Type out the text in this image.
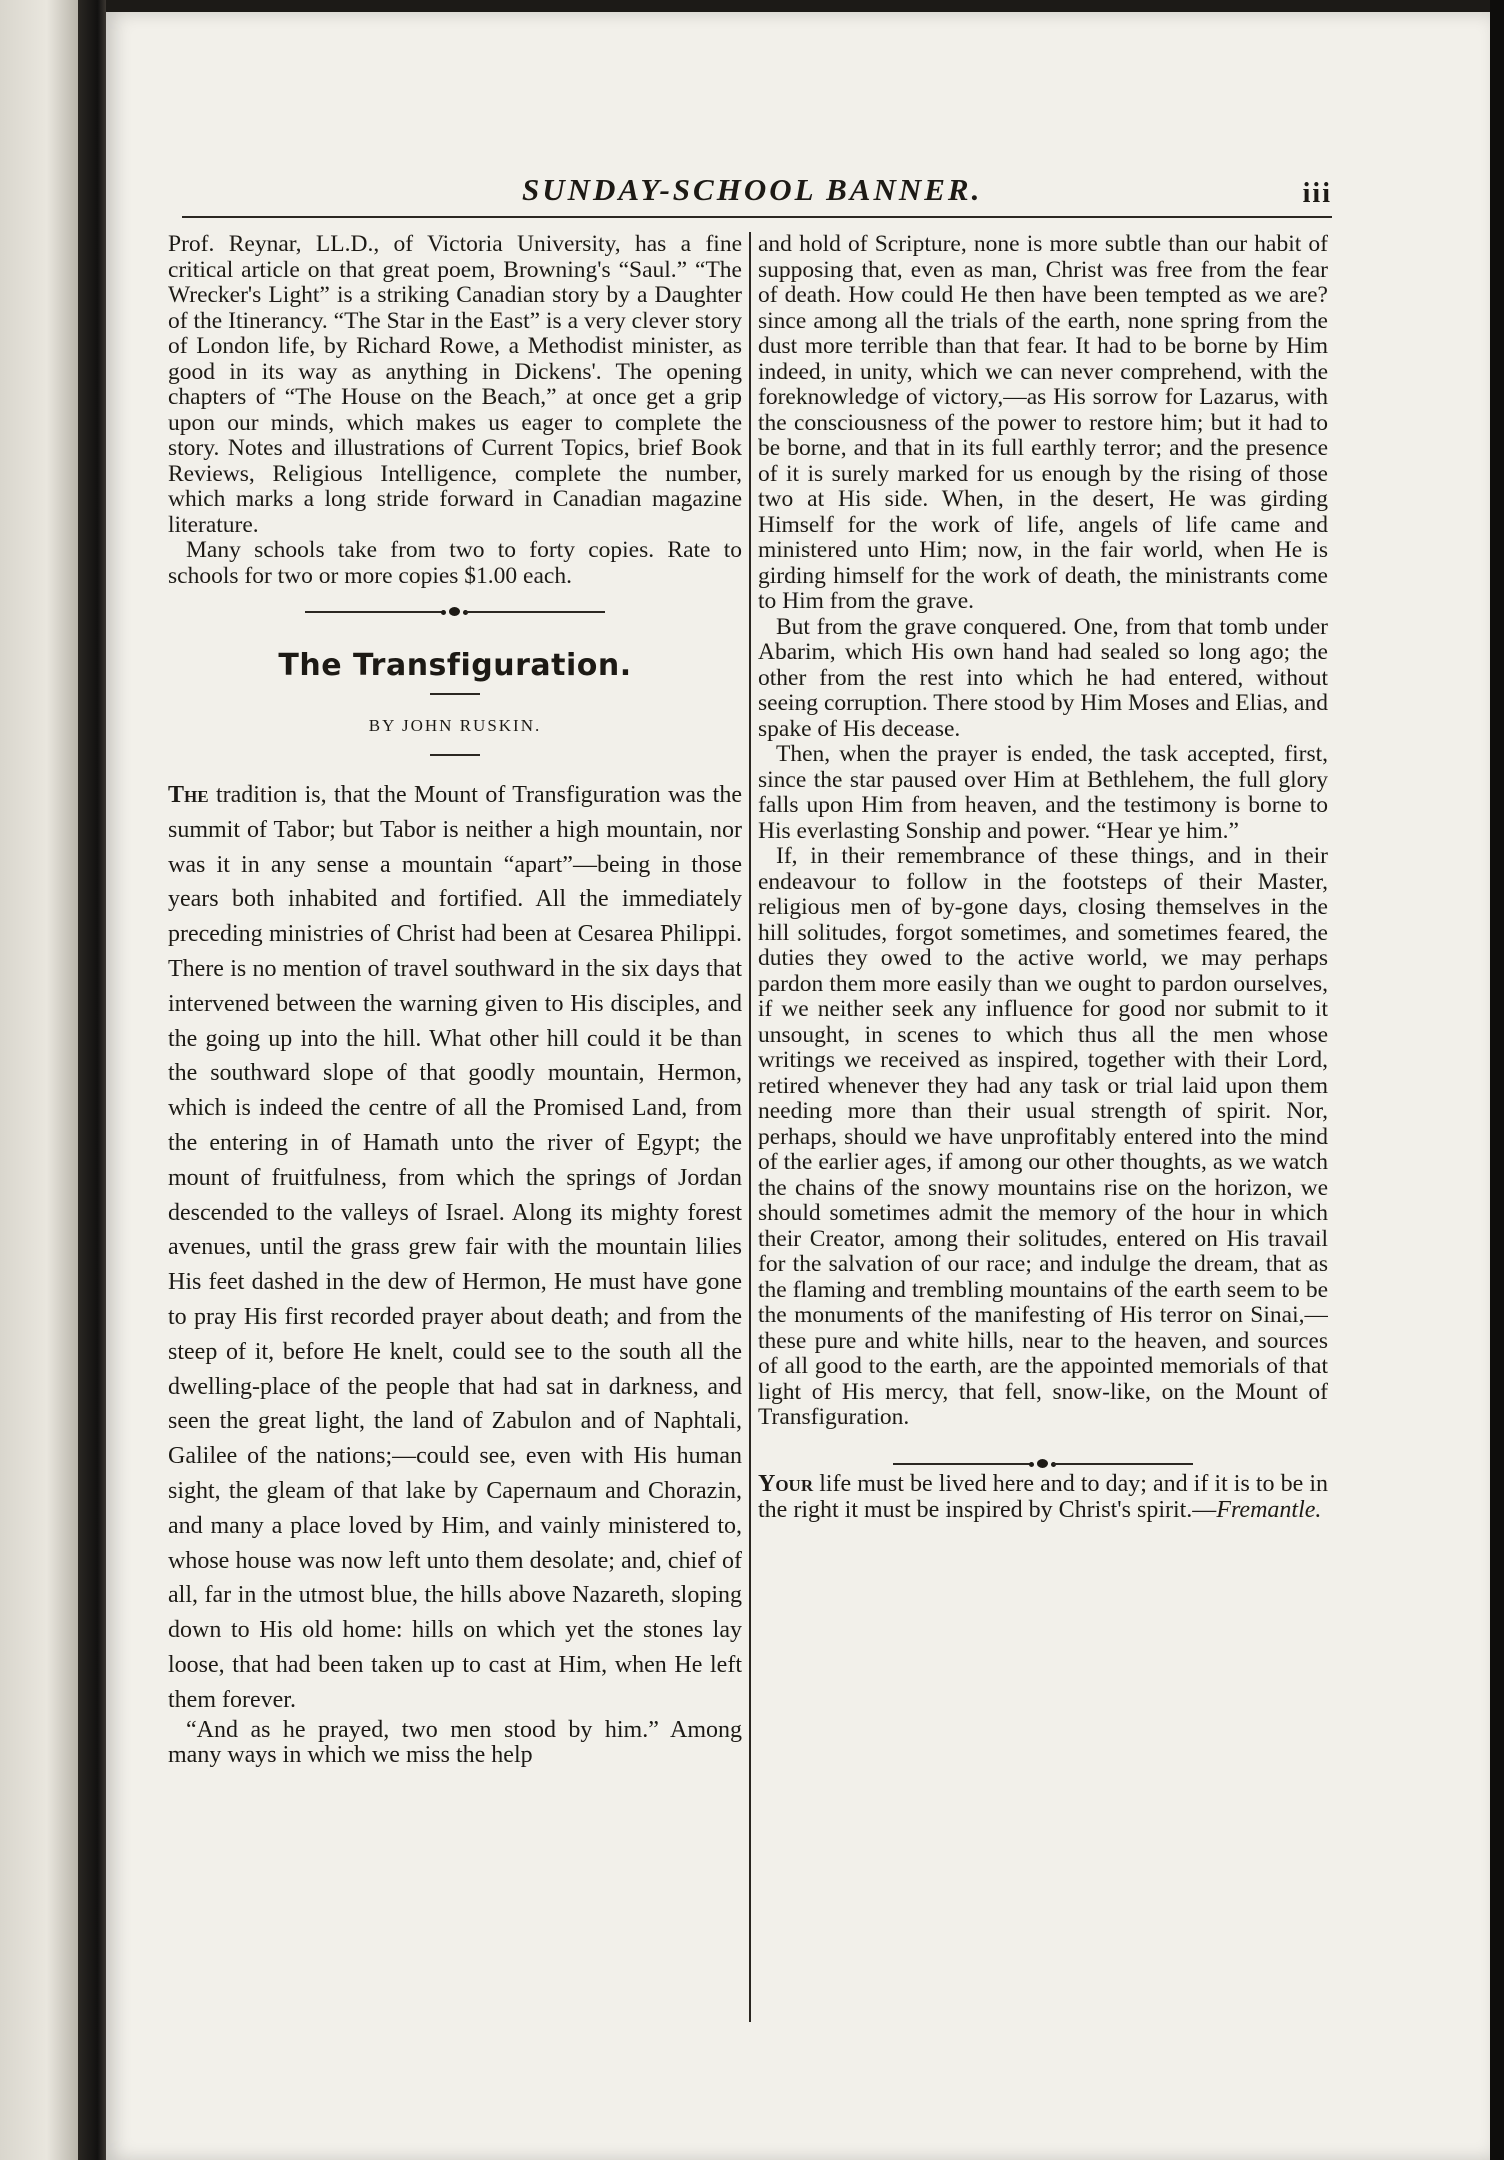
SUNDAY-SCHOOL BANNER.	iii

Prof. Reynar, LL.D., of Victoria University, has a fine critical article on that great poem, Browning's “Saul.” “The Wrecker's Light” is a striking Canadian story by a Daughter of the Itinerancy. “The Star in the East” is a very clever story of London life, by Richard Rowe, a Methodist minister, as good in its way as anything in Dickens'. The opening chapters of “The House on the Beach,” at once get a grip upon our minds, which makes us eager to complete the story. Notes and illustrations of Current Topics, brief Book Reviews, Religious Intelligence, complete the number, which marks a long stride forward in Canadian magazine literature.

Many schools take from two to forty copies. Rate to schools for two or more copies $1.00 each.

The Transfiguration.
BY JOHN RUSKIN.

The tradition is, that the Mount of Transfiguration was the summit of Tabor; but Tabor is neither a high mountain, nor was it in any sense a mountain “apart”—being in those years both inhabited and fortified. All the immediately preceding ministries of Christ had been at Cesarea Philippi. There is no mention of travel southward in the six days that intervened between the warning given to His disciples, and the going up into the hill. What other hill could it be than the southward slope of that goodly mountain, Hermon, which is indeed the centre of all the Promised Land, from the entering in of Hamath unto the river of Egypt; the mount of fruitfulness, from which the springs of Jordan descended to the valleys of Israel. Along its mighty forest avenues, until the grass grew fair with the mountain lilies His feet dashed in the dew of Hermon, He must have gone to pray His first recorded prayer about death; and from the steep of it, before He knelt, could see to the south all the dwelling-place of the people that had sat in darkness, and seen the great light, the land of Zabulon and of Naphtali, Galilee of the nations;—could see, even with His human sight, the gleam of that lake by Capernaum and Chorazin, and many a place loved by Him, and vainly ministered to, whose house was now left unto them desolate; and, chief of all, far in the utmost blue, the hills above Nazareth, sloping down to His old home: hills on which yet the stones lay loose, that had been taken up to cast at Him, when He left them forever.

“And as he prayed, two men stood by him.” Among many ways in which we miss the help

and hold of Scripture, none is more subtle than our habit of supposing that, even as man, Christ was free from the fear of death. How could He then have been tempted as we are? since among all the trials of the earth, none spring from the dust more terrible than that fear. It had to be borne by Him indeed, in unity, which we can never comprehend, with the foreknowledge of victory,—as His sorrow for Lazarus, with the consciousness of the power to restore him; but it had to be borne, and that in its full earthly terror; and the presence of it is surely marked for us enough by the rising of those two at His side. When, in the desert, He was girding Himself for the work of life, angels of life came and ministered unto Him; now, in the fair world, when He is girding himself for the work of death, the ministrants come to Him from the grave.

But from the grave conquered. One, from that tomb under Abarim, which His own hand had sealed so long ago; the other from the rest into which he had entered, without seeing corruption. There stood by Him Moses and Elias, and spake of His decease.

Then, when the prayer is ended, the task accepted, first, since the star paused over Him at Bethlehem, the full glory falls upon Him from heaven, and the testimony is borne to His everlasting Sonship and power. “Hear ye him.”

If, in their remembrance of these things, and in their endeavour to follow in the footsteps of their Master, religious men of by-gone days, closing themselves in the hill solitudes, forgot sometimes, and sometimes feared, the duties they owed to the active world, we may perhaps pardon them more easily than we ought to pardon ourselves, if we neither seek any influence for good nor submit to it unsought, in scenes to which thus all the men whose writings we received as inspired, together with their Lord, retired whenever they had any task or trial laid upon them needing more than their usual strength of spirit. Nor, perhaps, should we have unprofitably entered into the mind of the earlier ages, if among our other thoughts, as we watch the chains of the snowy mountains rise on the horizon, we should sometimes admit the memory of the hour in which their Creator, among their solitudes, entered on His travail for the salvation of our race; and indulge the dream, that as the flaming and trembling mountains of the earth seem to be the monuments of the manifesting of His terror on Sinai,—these pure and white hills, near to the heaven, and sources of all good to the earth, are the appointed memorials of that light of His mercy, that fell, snow-like, on the Mount of Transfiguration.

Your life must be lived here and to day; and if it is to be in the right it must be inspired by Christ's spirit.—Fremantle.
